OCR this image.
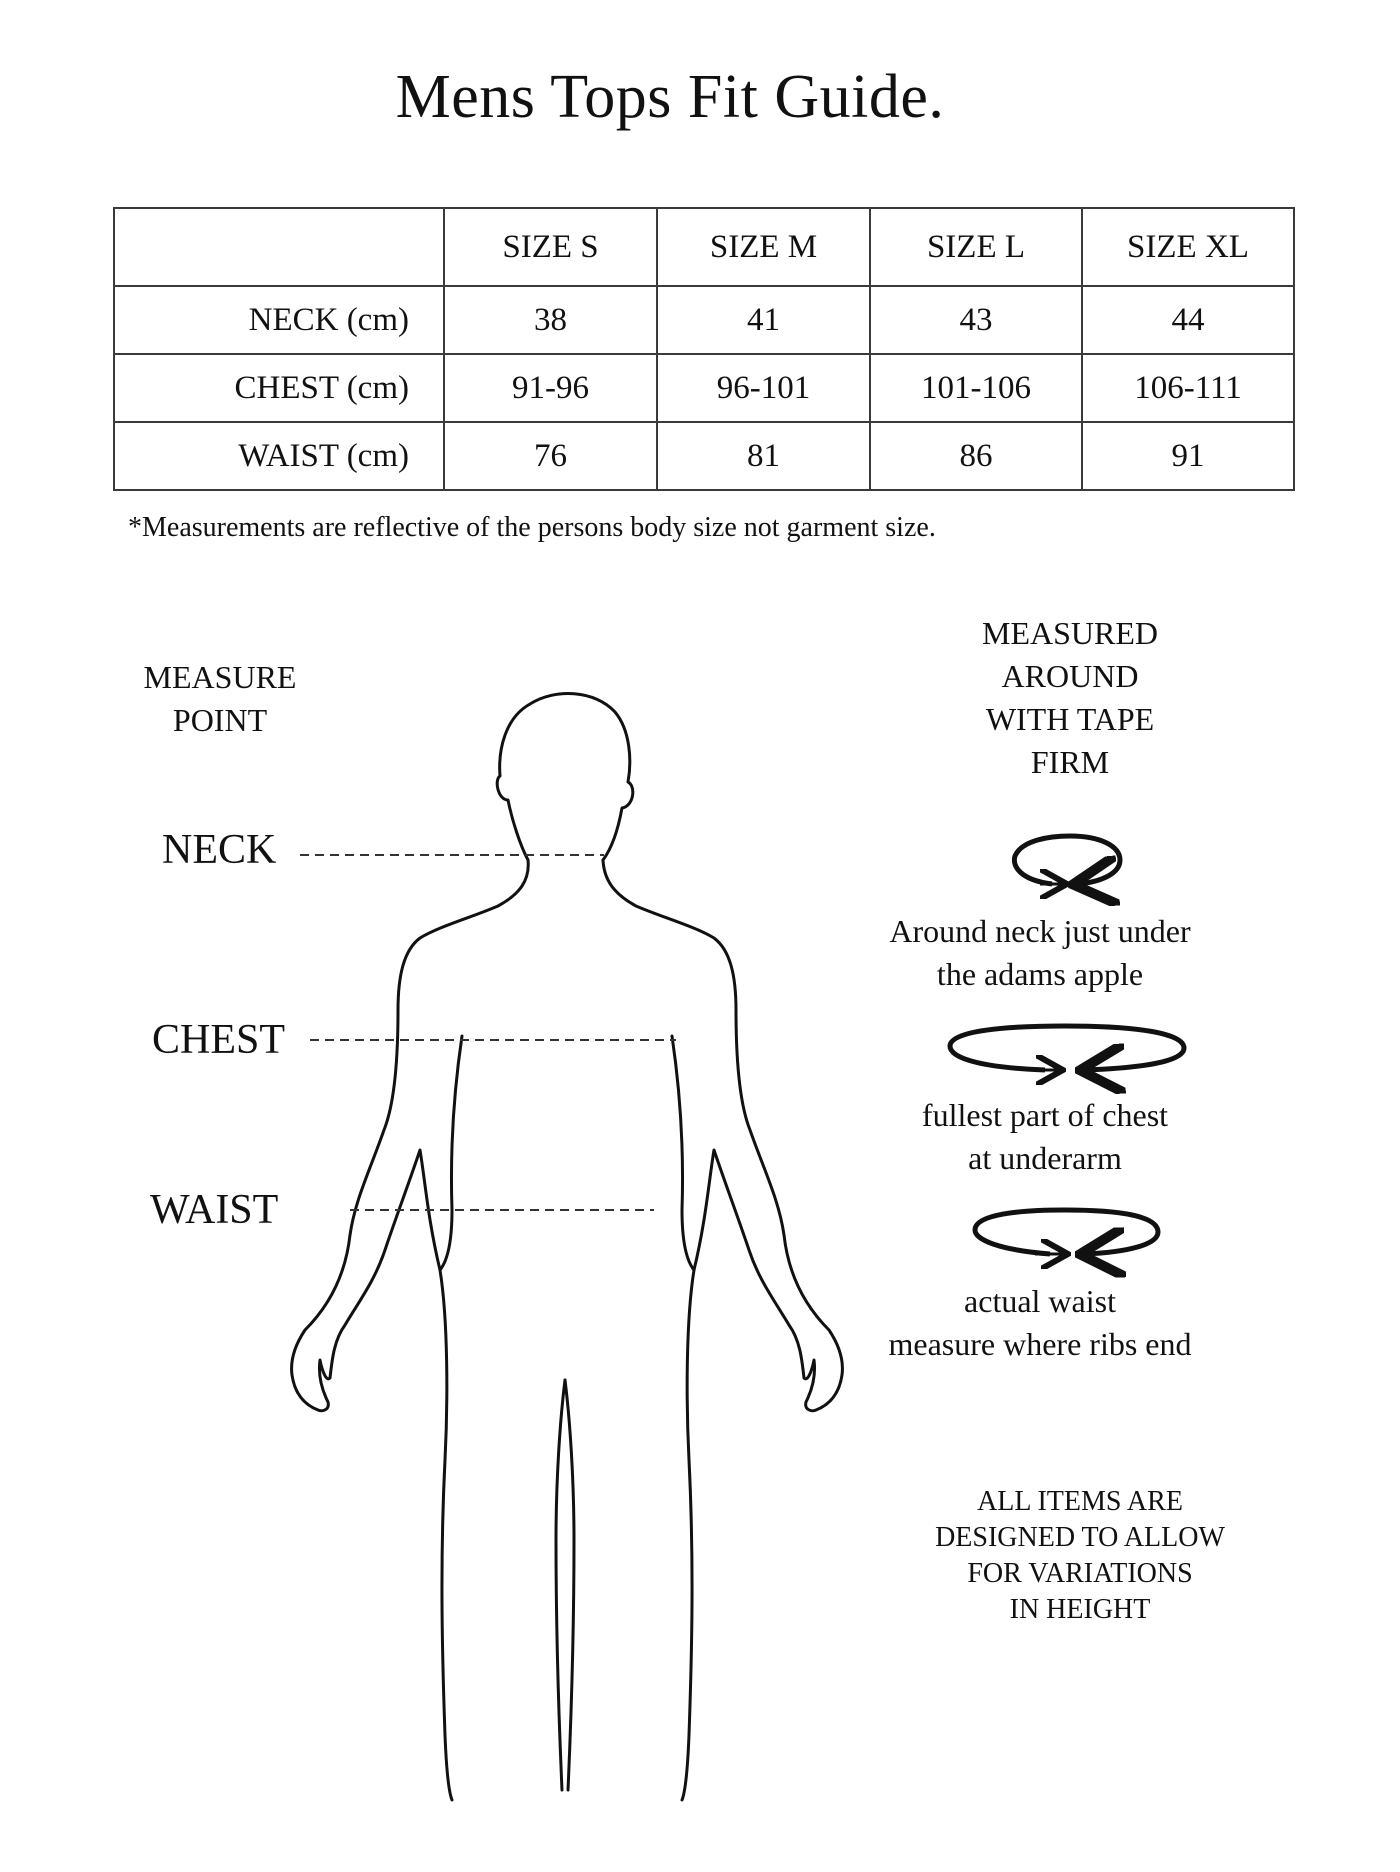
Mens Tops Fit Guide.
	SIZE S	SIZE M	SIZE L	SIZE XL
NECK (cm)	38	41	43	44
CHEST (cm)	91-96	96-101	101-106	106-111
WAIST (cm)	76	81	86	91
*Measurements are reflective of the persons body size not garment size.
MEASURE
POINT
MEASURED
AROUND
WITH TAPE
FIRM
NECK
CHEST
WAIST
Around neck just under
the adams apple
fullest part of chest
at underarm
actual waist
measure where ribs end
ALL ITEMS ARE
DESIGNED TO ALLOW
FOR VARIATIONS
IN HEIGHT
